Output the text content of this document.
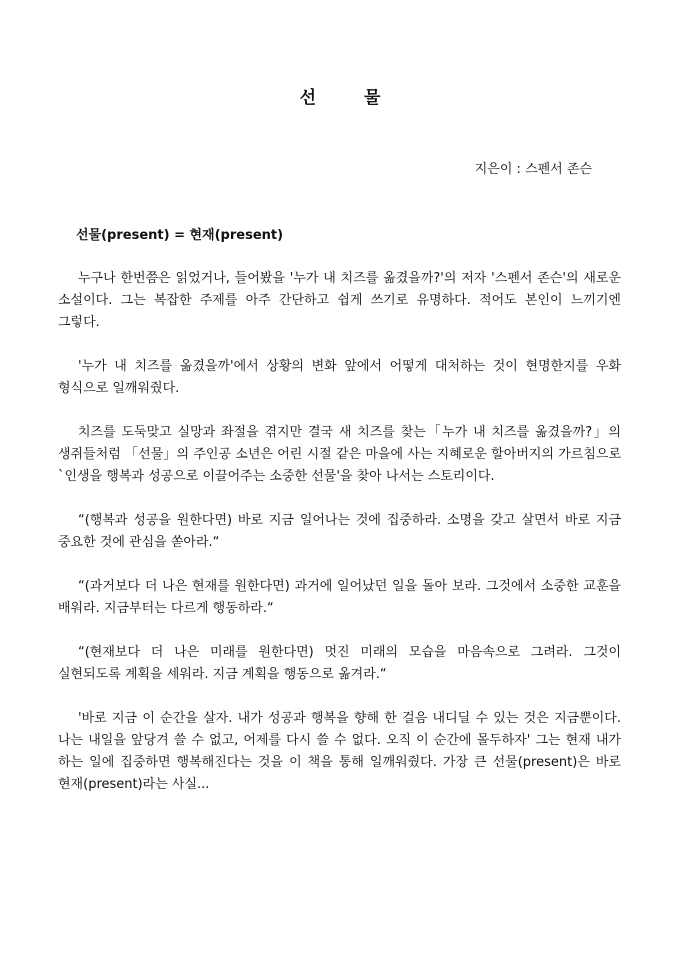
선	물
지은이 : 스펜서 존슨
선물(present) = 현재(present)

누구나 한번쯤은 읽었거나, 들어봤을 '누가 내 치즈를 옮겼을까?'의 저자 '스펜서 존슨'의 새로운 소설이다. 그는 복잡한 주제를 아주 간단하고 쉽게 쓰기로 유명하다. 적어도 본인이 느끼기엔 그렇다.

'누가 내 치즈를 옮겼을까'에서 상황의 변화 앞에서 어떻게 대처하는 것이 현명한지를 우화 형식으로 일깨워줬다.

치즈를 도둑맞고 실망과 좌절을 겪지만 결국 새 치즈를 찾는「누가 내 치즈를 옮겼을까?」의 생쥐들처럼 「선물」의 주인공 소년은 어린 시절 같은 마을에 사는 지혜로운 할아버지의 가르침으로 `인생을 행복과 성공으로 이끌어주는 소중한 선물'을 찾아 나서는 스토리이다.

“(행복과 성공을 원한다면) 바로 지금 일어나는 것에 집중하라. 소명을 갖고 살면서 바로 지금 중요한 것에 관심을 쏟아라.“

“(과거보다 더 나은 현재를 원한다면) 과거에 일어났던 일을 돌아 보라. 그것에서 소중한 교훈을 배워라. 지금부터는 다르게 행동하라.“

“(현재보다 더 나은 미래를 원한다면) 멋진 미래의 모습을 마음속으로 그려라. 그것이 실현되도록 계획을 세워라. 지금 계획을 행동으로 옮겨라.“

'바로 지금 이 순간을 살자. 내가 성공과 행복을 향해 한 걸음 내디딜 수 있는 것은 지금뿐이다. 나는 내일을 앞당겨 쓸 수 없고, 어제를 다시 쓸 수 없다. 오직 이 순간에 몰두하자' 그는 현재 내가 하는 일에 집중하면 행복해진다는 것을 이 책을 통해 일깨워줬다. 가장 큰 선물(present)은 바로 현재(present)라는 사실...
